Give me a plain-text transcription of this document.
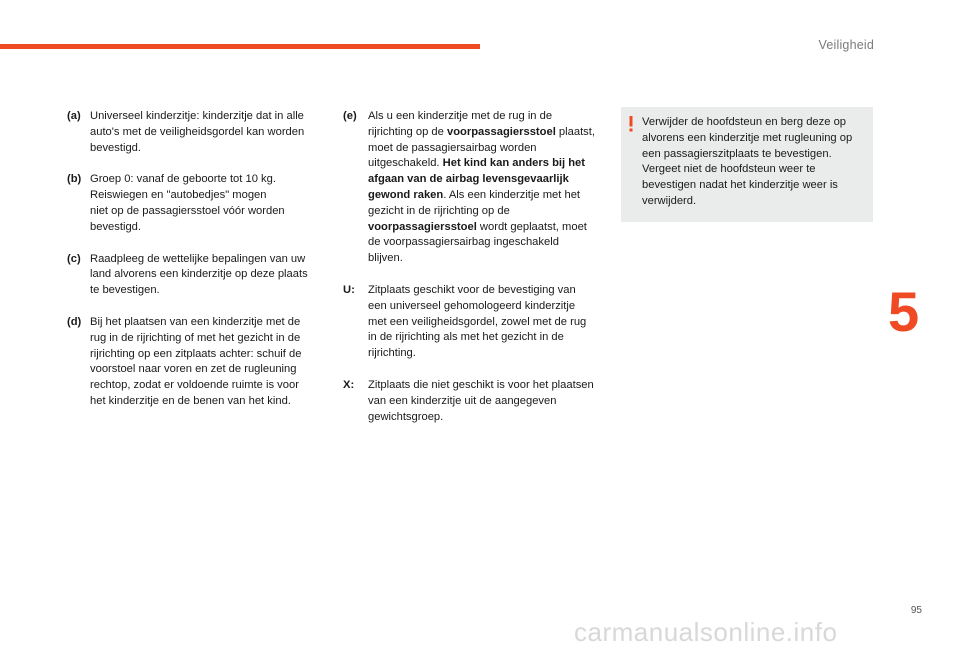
Veiligheid
5
(a) Universeel kinderzitje: kinderzitje dat in alle auto's met de veiligheidsgordel kan worden bevestigd.
(b) Groep 0: vanaf de geboorte tot 10 kg.
Reiswiegen en "autobedjes" mogen
niet op de passagiersstoel vóór worden bevestigd.
(c) Raadpleeg de wettelijke bepalingen van uw land alvorens een kinderzitje op deze plaats te bevestigen.
(d) Bij het plaatsen van een kinderzitje met de rug in de rijrichting of met het gezicht in de rijrichting op een zitplaats achter: schuif de voorstoel naar voren en zet de rugleuning rechtop, zodat er voldoende ruimte is voor het kinderzitje en de benen van het kind.
(e)	Als u een kinderzitje met de rug in de rijrichting op de voorpassagiersstoel plaatst, moet de passagiersairbag worden uitgeschakeld. Het kind kan anders bij het afgaan van de airbag levensgevaarlijk gewond raken. Als een kinderzitje met het gezicht in de rijrichting op de voorpassagiersstoel wordt geplaatst, moet de voorpassagiersairbag ingeschakeld blijven.
U:	Zitplaats geschikt voor de bevestiging van een universeel gehomologeerd kinderzitje met een veiligheidsgordel, zowel met de rug in de rijrichting als met het gezicht in de rijrichting.
X:	Zitplaats die niet geschikt is voor het plaatsen van een kinderzitje uit de aangegeven gewichtsgroep.
Verwijder de hoofdsteun en berg deze op alvorens een kinderzitje met rugleuning op een passagierszitplaats te bevestigen. Vergeet niet de hoofdsteun weer te bevestigen nadat het kinderzitje weer is verwijderd.
95
carmanualsonline.info
